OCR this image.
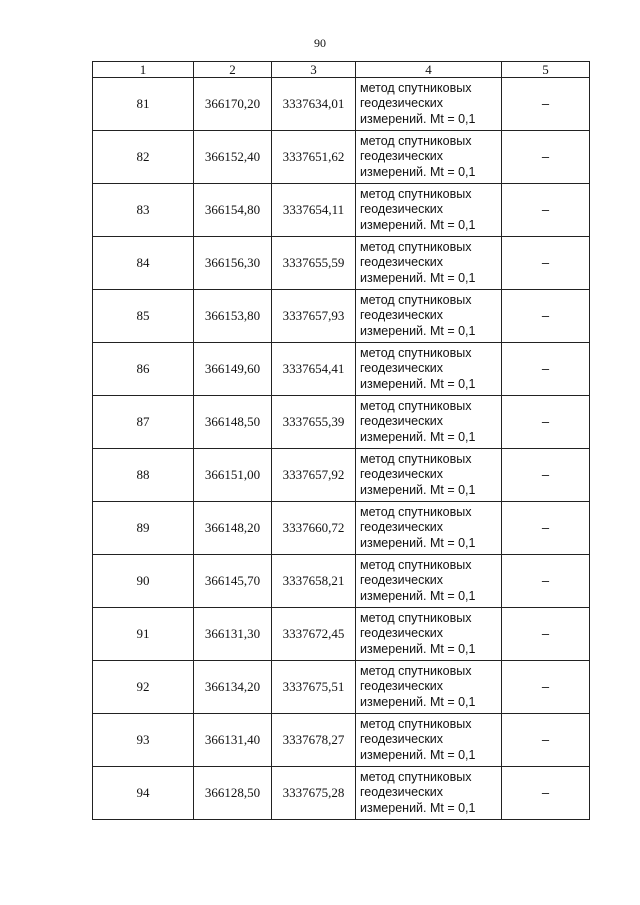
90
1	2	3	4	5
81	366170,20	3337634,01	метод спутниковых
геодезических
измерений. Mt = 0,1	–
82	366152,40	3337651,62	метод спутниковых
геодезических
измерений. Mt = 0,1	–
83	366154,80	3337654,11	метод спутниковых
геодезических
измерений. Mt = 0,1	–
84	366156,30	3337655,59	метод спутниковых
геодезических
измерений. Mt = 0,1	–
85	366153,80	3337657,93	метод спутниковых
геодезических
измерений. Mt = 0,1	–
86	366149,60	3337654,41	метод спутниковых
геодезических
измерений. Mt = 0,1	–
87	366148,50	3337655,39	метод спутниковых
геодезических
измерений. Mt = 0,1	–
88	366151,00	3337657,92	метод спутниковых
геодезических
измерений. Mt = 0,1	–
89	366148,20	3337660,72	метод спутниковых
геодезических
измерений. Mt = 0,1	–
90	366145,70	3337658,21	метод спутниковых
геодезических
измерений. Mt = 0,1	–
91	366131,30	3337672,45	метод спутниковых
геодезических
измерений. Mt = 0,1	–
92	366134,20	3337675,51	метод спутниковых
геодезических
измерений. Mt = 0,1	–
93	366131,40	3337678,27	метод спутниковых
геодезических
измерений. Mt = 0,1	–
94	366128,50	3337675,28	метод спутниковых
геодезических
измерений. Mt = 0,1	–
